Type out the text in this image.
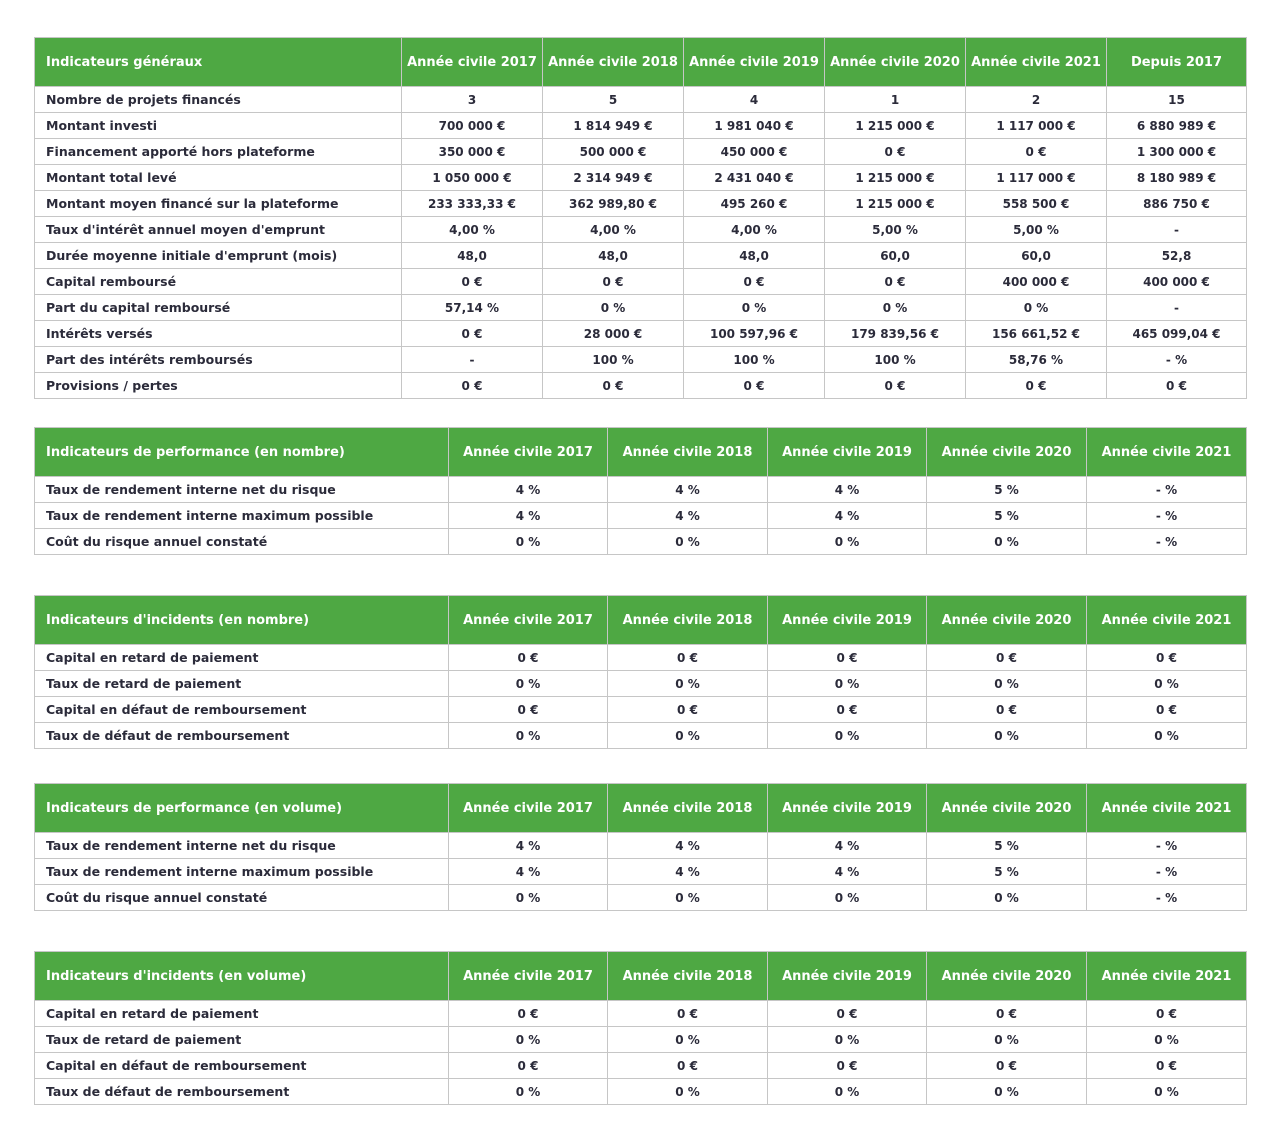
Indicateurs généraux	Année civile 2017	Année civile 2018	Année civile 2019	Année civile 2020	Année civile 2021	Depuis 2017
Nombre de projets financés	3	5	4	1	2	15
Montant investi	700 000 €	1 814 949 €	1 981 040 €	1 215 000 €	1 117 000 €	6 880 989 €
Financement apporté hors plateforme	350 000 €	500 000 €	450 000 €	0 €	0 €	1 300 000 €
Montant total levé	1 050 000 €	2 314 949 €	2 431 040 €	1 215 000 €	1 117 000 €	8 180 989 €
Montant moyen financé sur la plateforme	233 333,33 €	362 989,80 €	495 260 €	1 215 000 €	558 500 €	886 750 €
Taux d'intérêt annuel moyen d'emprunt	4,00 %	4,00 %	4,00 %	5,00 %	5,00 %	-
Durée moyenne initiale d'emprunt (mois)	48,0	48,0	48,0	60,0	60,0	52,8
Capital remboursé	0 €	0 €	0 €	0 €	400 000 €	400 000 €
Part du capital remboursé	57,14 %	0 %	0 %	0 %	0 %	-
Intérêts versés	0 €	28 000 €	100 597,96 €	179 839,56 €	156 661,52 €	465 099,04 €
Part des intérêts remboursés	-	100 %	100 %	100 %	58,76 %	- %
Provisions / pertes	0 €	0 €	0 €	0 €	0 €	0 €
Indicateurs de performance (en nombre)	Année civile 2017	Année civile 2018	Année civile 2019	Année civile 2020	Année civile 2021
Taux de rendement interne net du risque	4 %	4 %	4 %	5 %	- %
Taux de rendement interne maximum possible	4 %	4 %	4 %	5 %	- %
Coût du risque annuel constaté	0 %	0 %	0 %	0 %	- %
Indicateurs d'incidents (en nombre)	Année civile 2017	Année civile 2018	Année civile 2019	Année civile 2020	Année civile 2021
Capital en retard de paiement	0 €	0 €	0 €	0 €	0 €
Taux de retard de paiement	0 %	0 %	0 %	0 %	0 %
Capital en défaut de remboursement	0 €	0 €	0 €	0 €	0 €
Taux de défaut de remboursement	0 %	0 %	0 %	0 %	0 %
Indicateurs de performance (en volume)	Année civile 2017	Année civile 2018	Année civile 2019	Année civile 2020	Année civile 2021
Taux de rendement interne net du risque	4 %	4 %	4 %	5 %	- %
Taux de rendement interne maximum possible	4 %	4 %	4 %	5 %	- %
Coût du risque annuel constaté	0 %	0 %	0 %	0 %	- %
Indicateurs d'incidents (en volume)	Année civile 2017	Année civile 2018	Année civile 2019	Année civile 2020	Année civile 2021
Capital en retard de paiement	0 €	0 €	0 €	0 €	0 €
Taux de retard de paiement	0 %	0 %	0 %	0 %	0 %
Capital en défaut de remboursement	0 €	0 €	0 €	0 €	0 €
Taux de défaut de remboursement	0 %	0 %	0 %	0 %	0 %
